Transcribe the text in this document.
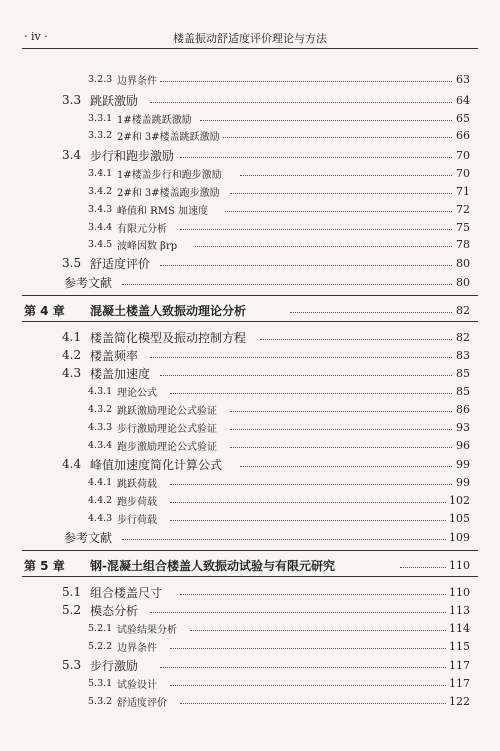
· iv ·	楼盖振动舒适度评价理论与方法
3.2.3 边界条件	63
3.3 跳跃激励	64
3.3.1 1#楼盖跳跃激励	65
3.3.2 2#和 3#楼盖跳跃激励	66
3.4 步行和跑步激励	70
3.4.1 1#楼盖步行和跑步激励	70
3.4.2 2#和 3#楼盖跑步激励	71
3.4.3 峰值和 RMS 加速度	72
3.4.4 有限元分析	75
3.4.5 波峰因数 βrp	78
3.5 舒适度评价	80
参考文献	80
第 4 章 混凝土楼盖人致振动理论分析	82
4.1 楼盖简化模型及振动控制方程	82
4.2 楼盖频率	83
4.3 楼盖加速度	85
4.3.1 理论公式	85
4.3.2 跳跃激励理论公式验证	86
4.3.3 步行激励理论公式验证	93
4.3.4 跑步激励理论公式验证	96
4.4 峰值加速度简化计算公式	99
4.4.1 跳跃荷载	99
4.4.2 跑步荷载	102
4.4.3 步行荷载	105
参考文献	109
第 5 章 钢-混凝土组合楼盖人致振动试验与有限元研究	110
5.1 组合楼盖尺寸	110
5.2 模态分析	113
5.2.1 试验结果分析	114
5.2.2 边界条件	115
5.3 步行激励	117
5.3.1 试验设计	117
5.3.2 舒适度评价	122
